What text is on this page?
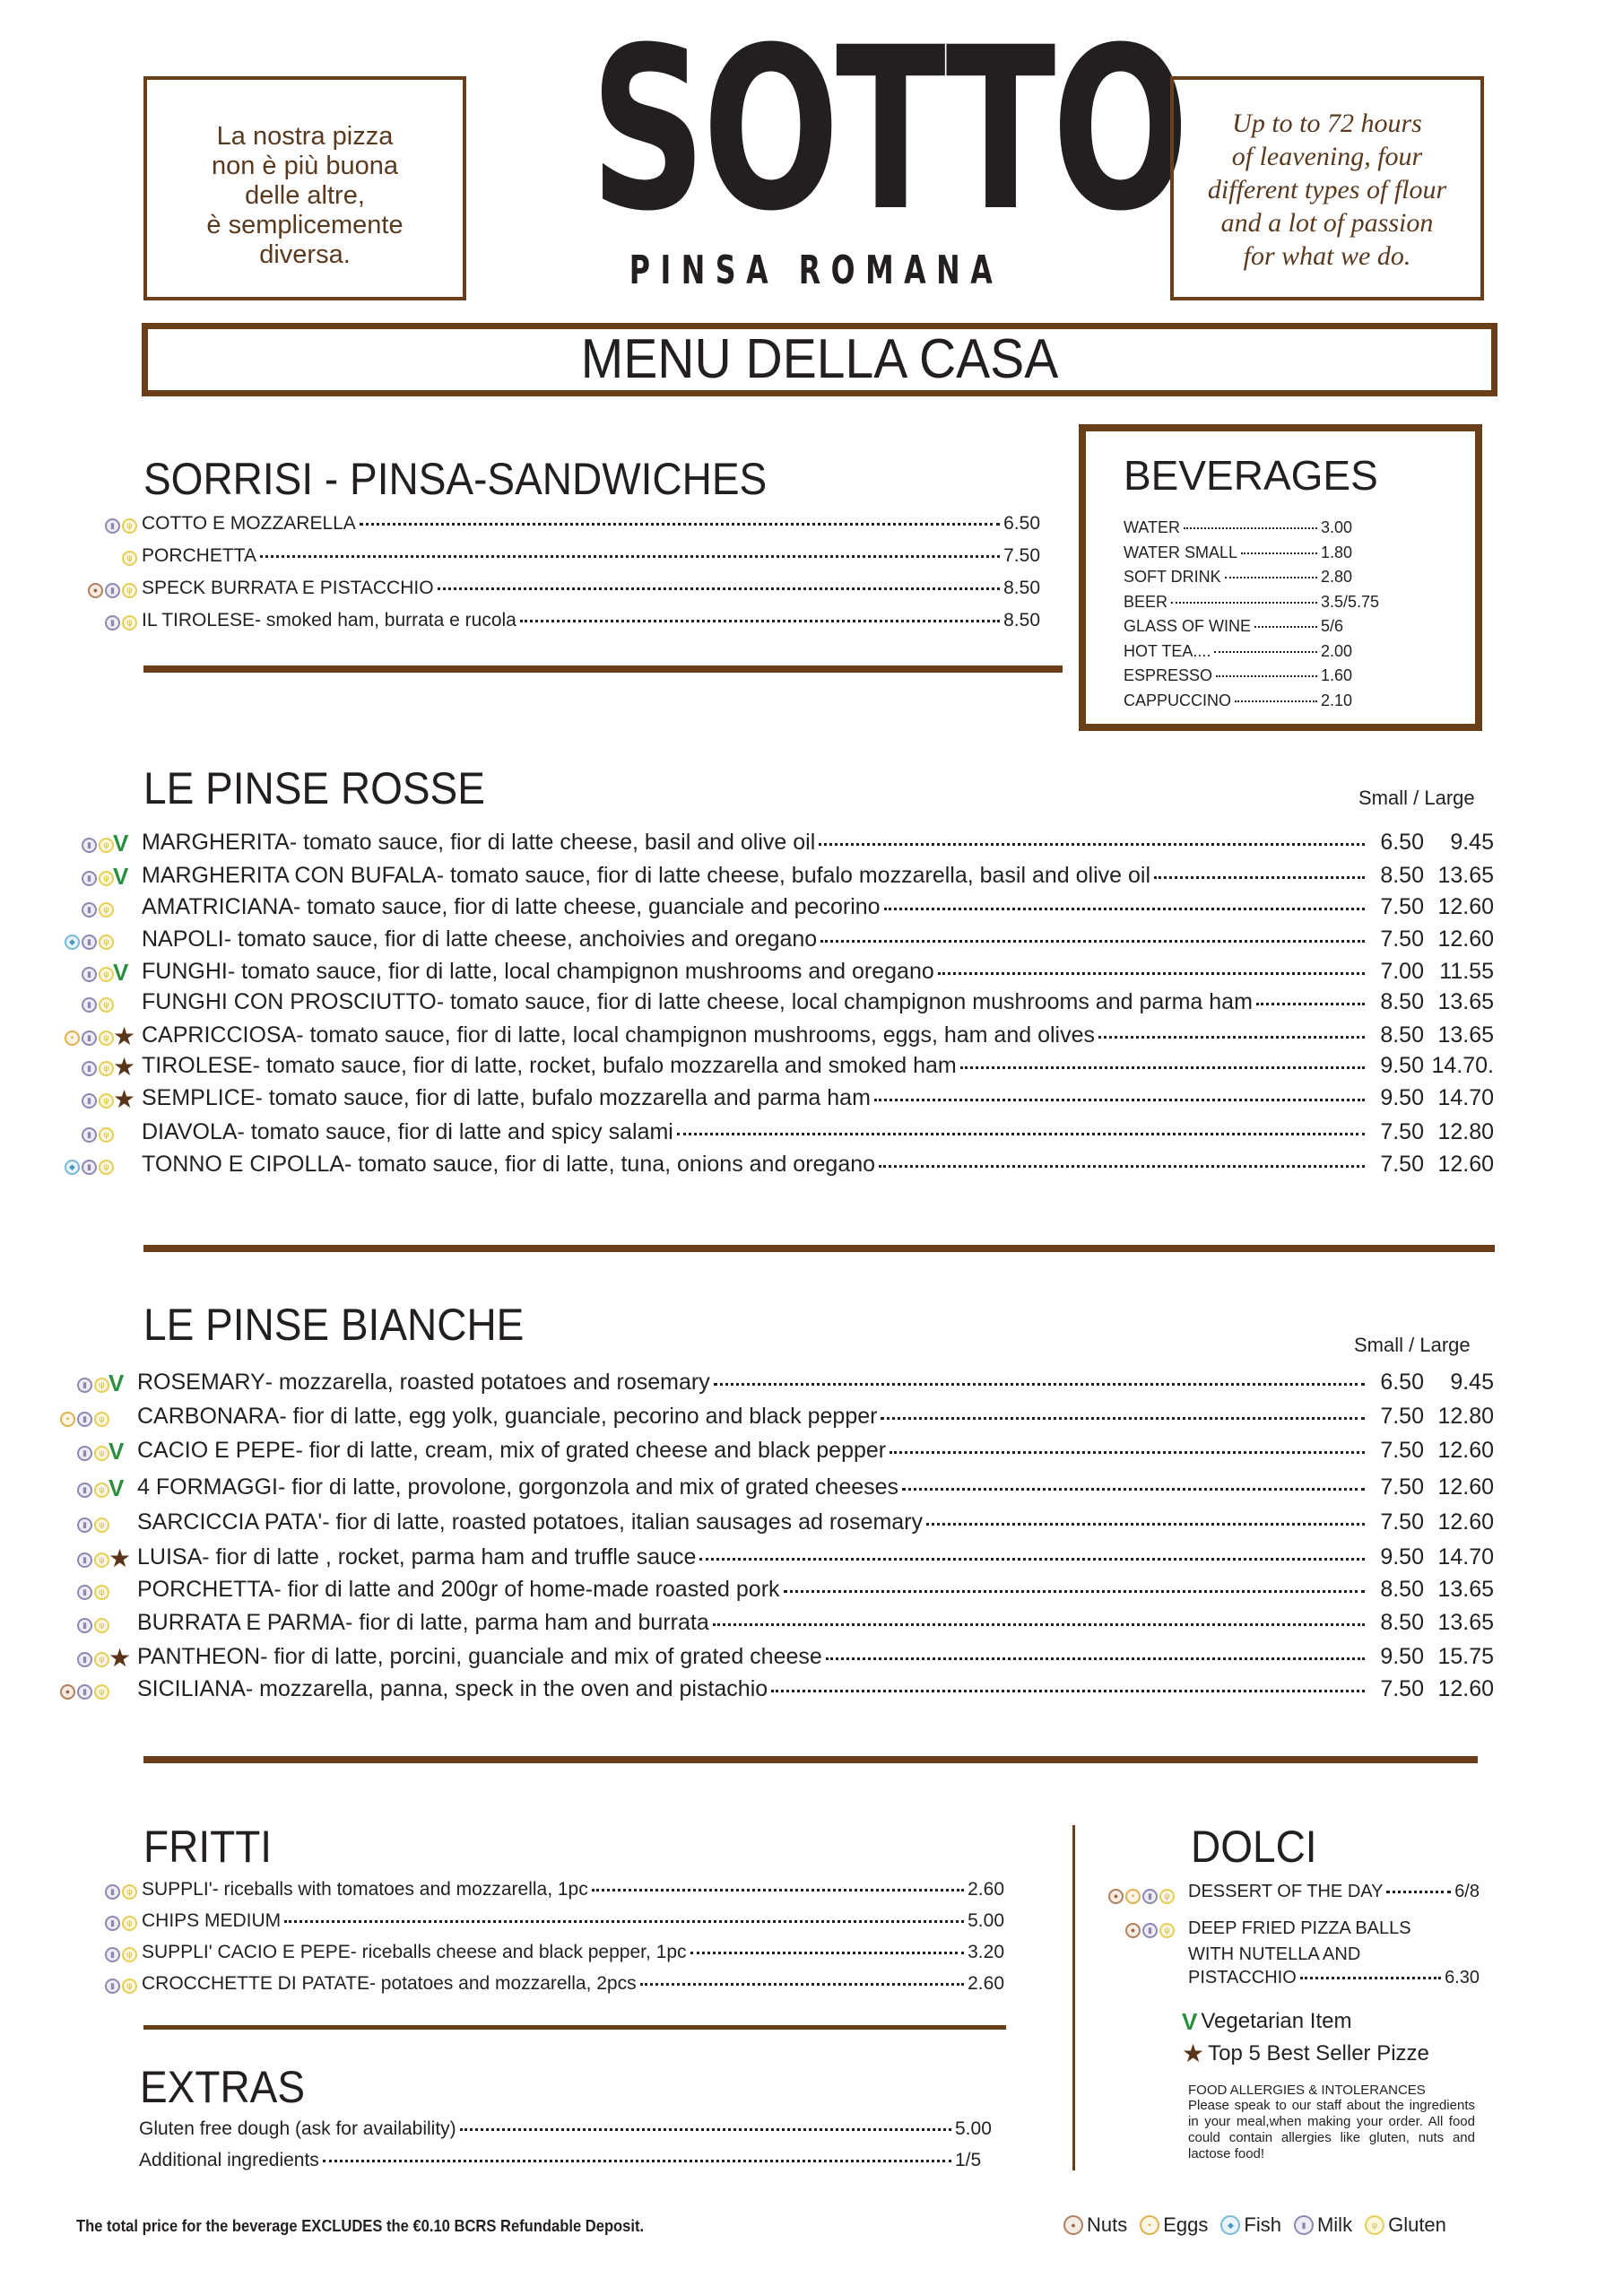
La nostra pizza
non è più buona
delle altre,
è semplicemente
diversa.	SOTTO
PINSA ROMANA
Up to to 72 hours
of leavening, four
different types of flour
and a lot of passion
for what we do.
MENU DELLA CASA
SORRISI - PINSA-SANDWICHES	BEVERAGES
WATER	3.00
WATER SMALL	1.80
SOFT DRINK	2.80
BEER	3.5/5.75
GLASS OF WINE	5/6
HOT TEA....	2.00
ESPRESSO	1.60
CAPPUCCINO	2.10
LE PINSE ROSSE	Small / Large
LE PINSE BIANCHE	Small / Large
FRITTI
EXTRAS
DOLCI
V Vegetarian Item
★ Top 5 Best Seller Pizze
FOOD ALLERGIES & INTOLERANCES
Please speak to our staff about the ingredients in your meal,when making your order. All food could contain allergies like gluten, nuts and lactose food!
The total price for the beverage EXCLUDES the €0.10 BCRS Refundable Deposit.	● Nuts	• Eggs	◆ Fish	▮ Milk	ψ Gluten
▮	ψ COTTO E MOZZARELLA	6.50
ψ PORCHETTA	7.50
●	▮	ψ SPECK BURRATA E PISTACCHIO	8.50
▮	ψ IL TIROLESE - smoked ham, burrata e rucola	8.50
▮	ψ V MARGHERITA - tomato sauce, fior di latte cheese, basil and olive oil	6.50	9.45
▮	ψ V MARGHERITA CON BUFALA - tomato sauce, fior di latte cheese, bufalo mozzarella, basil and olive oil	8.50 13.65
▮	ψ AMATRICIANA - tomato sauce, fior di latte cheese, guanciale and pecorino	7.50 12.60
◆	▮	ψ NAPOLI - tomato sauce, fior di latte cheese, anchoivies and oregano	7.50 12.60
▮	ψ V FUNGHI - tomato sauce, fior di latte, local champignon mushrooms and oregano	7.00 11.55
▮	ψ FUNGHI CON PROSCIUTTO - tomato sauce, fior di latte cheese, local champignon mushrooms and parma ham	8.50 13.65
•	▮	ψ ★ CAPRICCIOSA - tomato sauce, fior di latte, local champignon mushrooms, eggs, ham and olives	8.50 13.65
▮	ψ ★ TIROLESE - tomato sauce, fior di latte, rocket, bufalo mozzarella and smoked ham	9.50 14.70.
▮	ψ ★ SEMPLICE - tomato sauce, fior di latte, bufalo mozzarella and parma ham	9.50 14.70
▮	ψ DIAVOLA - tomato sauce, fior di latte and spicy salami	7.50 12.80
◆	▮	ψ TONNO E CIPOLLA - tomato sauce, fior di latte, tuna, onions and oregano	7.50 12.60
▮	ψ V ROSEMARY - mozzarella, roasted potatoes and rosemary	6.50	9.45
•	▮	ψ CARBONARA - fior di latte, egg yolk, guanciale, pecorino and black pepper	7.50 12.80
▮	ψ V CACIO E PEPE - fior di latte, cream, mix of grated cheese and black pepper	7.50 12.60
▮	ψ V 4 FORMAGGI - fior di latte, provolone, gorgonzola and mix of grated cheeses	7.50 12.60
▮	ψ SARCICCIA PATA' - fior di latte, roasted potatoes, italian sausages ad rosemary	7.50 12.60
▮	ψ ★ LUISA - fior di latte , rocket, parma ham and truffle sauce	9.50 14.70
▮	ψ PORCHETTA - fior di latte and 200gr of home-made roasted pork	8.50 13.65
▮	ψ BURRATA E PARMA - fior di latte, parma ham and burrata	8.50 13.65
▮	ψ ★ PANTHEON - fior di latte, porcini, guanciale and mix of grated cheese	9.50 15.75
●	▮	ψ SICILIANA - mozzarella, panna, speck in the oven and pistachio	7.50 12.60
▮	ψ SUPPLI' - riceballs with tomatoes and mozzarella, 1pc	2.60
▮	ψ CHIPS MEDIUM	5.00
▮	ψ SUPPLI' CACIO E PEPE - riceballs cheese and black pepper, 1pc	3.20
▮	ψ CROCCHETTE DI PATATE - potatoes and mozzarella, 2pcs	2.60
Gluten free dough (ask for availability)	5.00
Additional ingredients	1/5
●	•	▮	ψ DESSERT OF THE DAY	6/8
●	▮	ψ DEEP FRIED PIZZA BALLS
WITH NUTELLA AND
PISTACCHIO	6.30
